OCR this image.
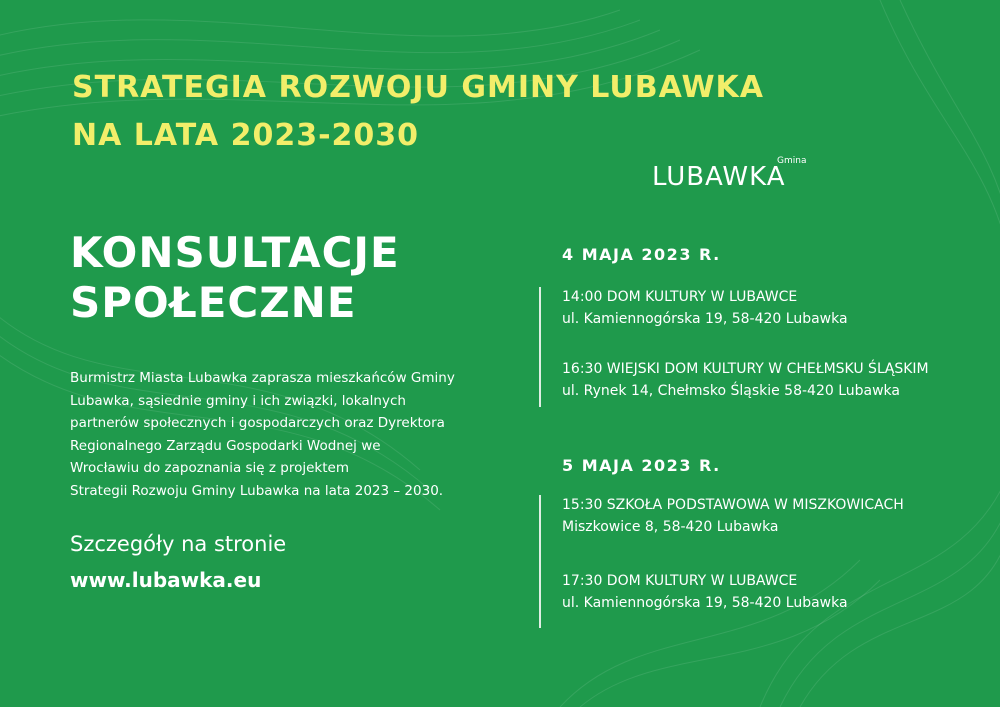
STRATEGIA ROZWOJU GMINY LUBAWKA
NA LATA 2023-2030
Gmina
LUBAWKA
KONSULTACJE
SPOŁECZNE
Burmistrz Miasta Lubawka zaprasza mieszkańców Gminy
Lubawka, sąsiednie gminy i ich związki, lokalnych
partnerów społecznych i gospodarczych oraz Dyrektora
Regionalnego Zarządu Gospodarki Wodnej we
Wrocławiu do zapoznania się z projektem
Strategii Rozwoju Gminy Lubawka na lata 2023 – 2030.
Szczegóły na stronie
www.lubawka.eu
4 MAJA 2023 R.
14:00 DOM KULTURY W LUBAWCE
ul. Kamiennogórska 19, 58-420 Lubawka
16:30 WIEJSKI DOM KULTURY W CHEŁMSKU ŚLĄSKIM
ul. Rynek 14, Chełmsko Śląskie 58-420 Lubawka
5 MAJA 2023 R.
15:30 SZKOŁA PODSTAWOWA W MISZKOWICACH
Miszkowice 8, 58-420 Lubawka
17:30 DOM KULTURY W LUBAWCE
ul. Kamiennogórska 19, 58-420 Lubawka
